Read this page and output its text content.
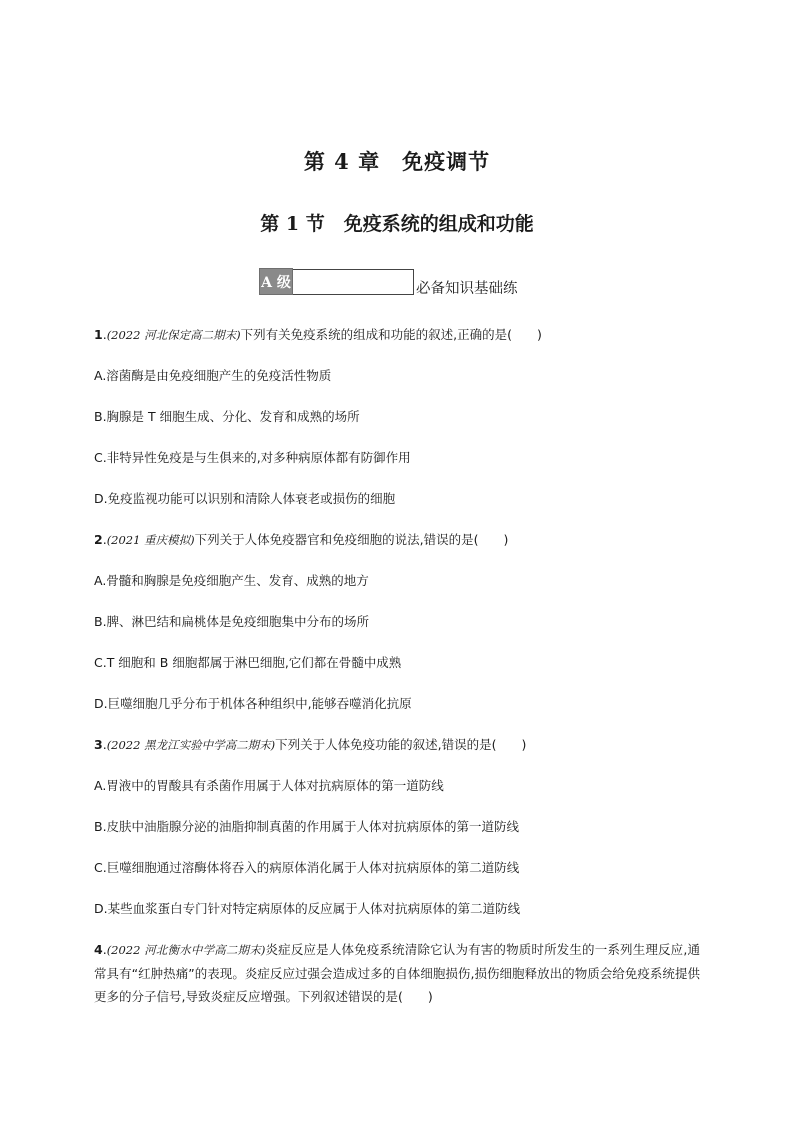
第 4 章　免疫调节
第 1 节　免疫系统的组成和功能
A 级	必备知识基础练
1.(2022 河北保定高二期末)下列有关免疫系统的组成和功能的叙述,正确的是(　　)
A.溶菌酶是由免疫细胞产生的免疫活性物质
B.胸腺是 T 细胞生成、分化、发育和成熟的场所
C.非特异性免疫是与生俱来的,对多种病原体都有防御作用
D.免疫监视功能可以识别和清除人体衰老或损伤的细胞
2.(2021 重庆模拟)下列关于人体免疫器官和免疫细胞的说法,错误的是(　　)
A.骨髓和胸腺是免疫细胞产生、发育、成熟的地方
B.脾、淋巴结和扁桃体是免疫细胞集中分布的场所
C.T 细胞和 B 细胞都属于淋巴细胞,它们都在骨髓中成熟
D.巨噬细胞几乎分布于机体各种组织中,能够吞噬消化抗原
3.(2022 黑龙江实验中学高二期末)下列关于人体免疫功能的叙述,错误的是(　　)
A.胃液中的胃酸具有杀菌作用属于人体对抗病原体的第一道防线
B.皮肤中油脂腺分泌的油脂抑制真菌的作用属于人体对抗病原体的第一道防线
C.巨噬细胞通过溶酶体将吞入的病原体消化属于人体对抗病原体的第二道防线
D.某些血浆蛋白专门针对特定病原体的反应属于人体对抗病原体的第二道防线
4.(2022 河北衡水中学高二期末)炎症反应是人体免疫系统清除它认为有害的物质时所发生的一系列生理反应,通常具有“红肿热痛”的表现。炎症反应过强会造成过多的自体细胞损伤,损伤细胞释放出的物质会给免疫系统提供更多的分子信号,导致炎症反应增强。下列叙述错误的是(　　)
